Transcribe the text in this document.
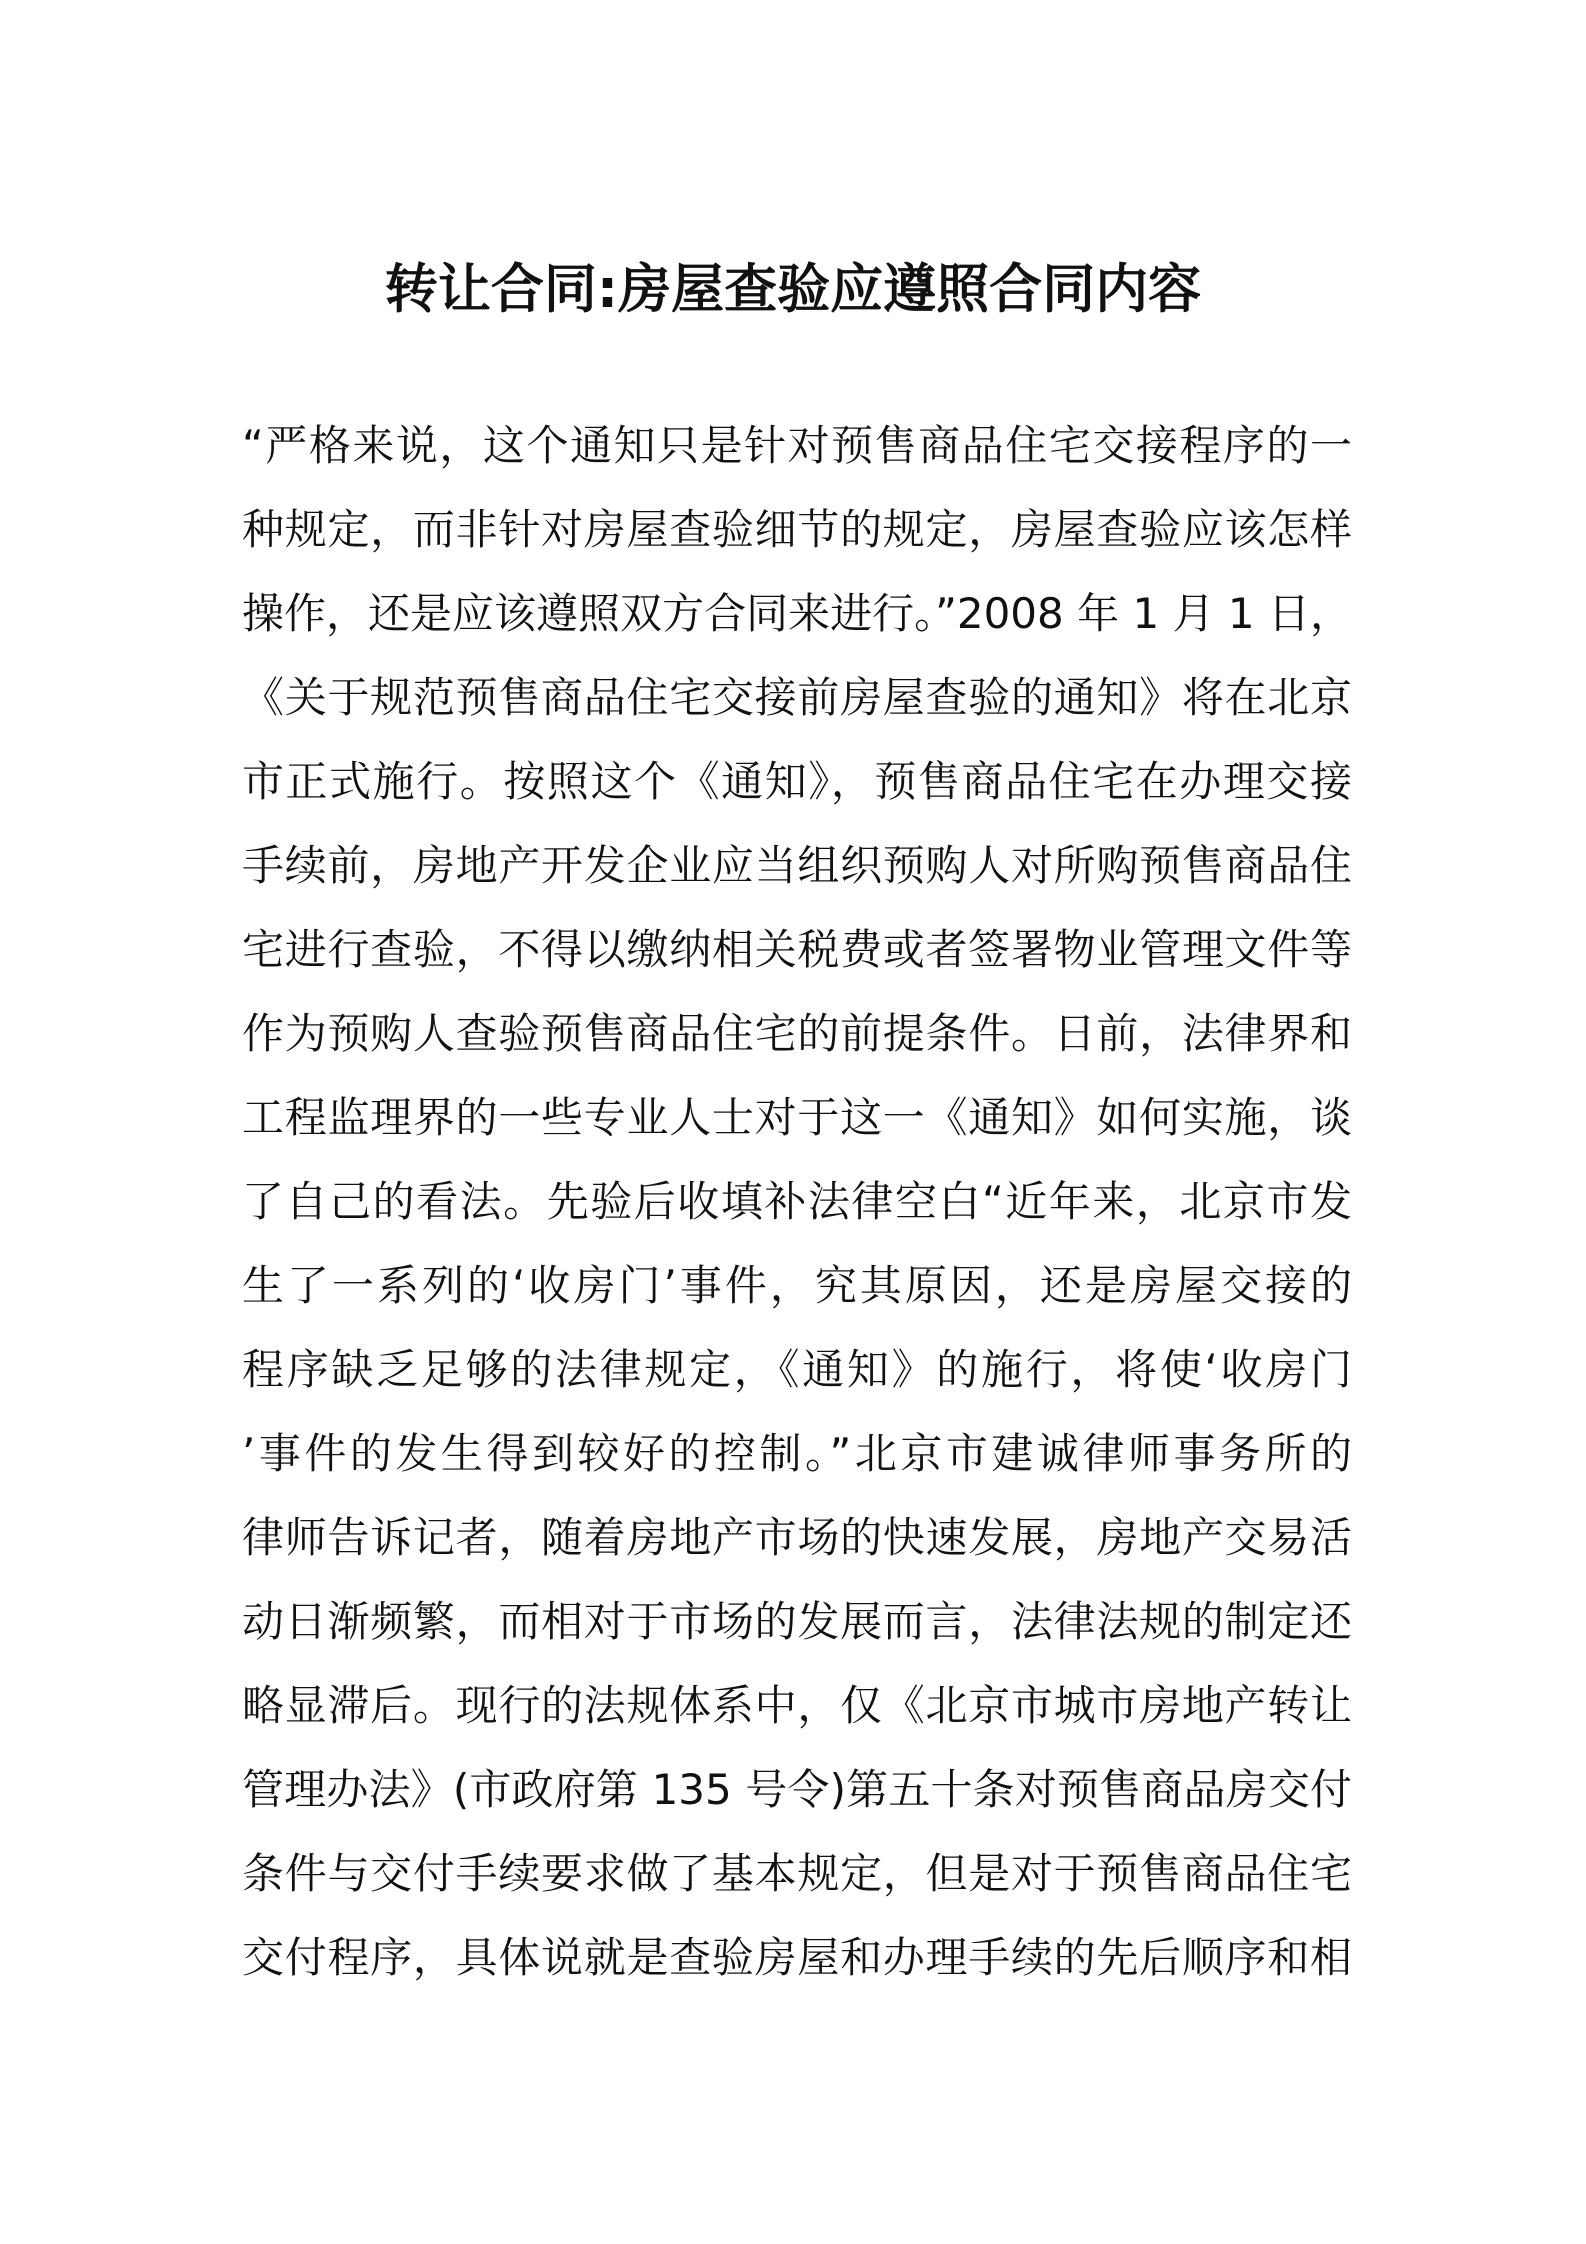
转让合同:房屋查验应遵照合同内容
“严格来说，这个通知只是针对预售商品住宅交接程序的一
种规定，而非针对房屋查验细节的规定，房屋查验应该怎样
操作，还是应该遵照双方合同来进行。”2008 年 1 月 1 日，
《关于规范预售商品住宅交接前房屋查验的通知》将在北京
市正式施行。按照这个《通知》，预售商品住宅在办理交接
手续前，房地产开发企业应当组织预购人对所购预售商品住
宅进行查验，不得以缴纳相关税费或者签署物业管理文件等
作为预购人查验预售商品住宅的前提条件。日前，法律界和
工程监理界的一些专业人士对于这一《通知》如何实施，谈
了自己的看法。先验后收填补法律空白“近年来，北京市发
生了一系列的‘收房门’事件，究其原因，还是房屋交接的
程序缺乏足够的法律规定，《通知》的施行，将使‘收房门
’事件的发生得到较好的控制。”北京市建诚律师事务所的
律师告诉记者，随着房地产市场的快速发展，房地产交易活
动日渐频繁，而相对于市场的发展而言，法律法规的制定还
略显滞后。现行的法规体系中，仅《北京市城市房地产转让
管理办法》(市政府第 135 号令)第五十条对预售商品房交付
条件与交付手续要求做了基本规定，但是对于预售商品住宅
交付程序，具体说就是查验房屋和办理手续的先后顺序和相
